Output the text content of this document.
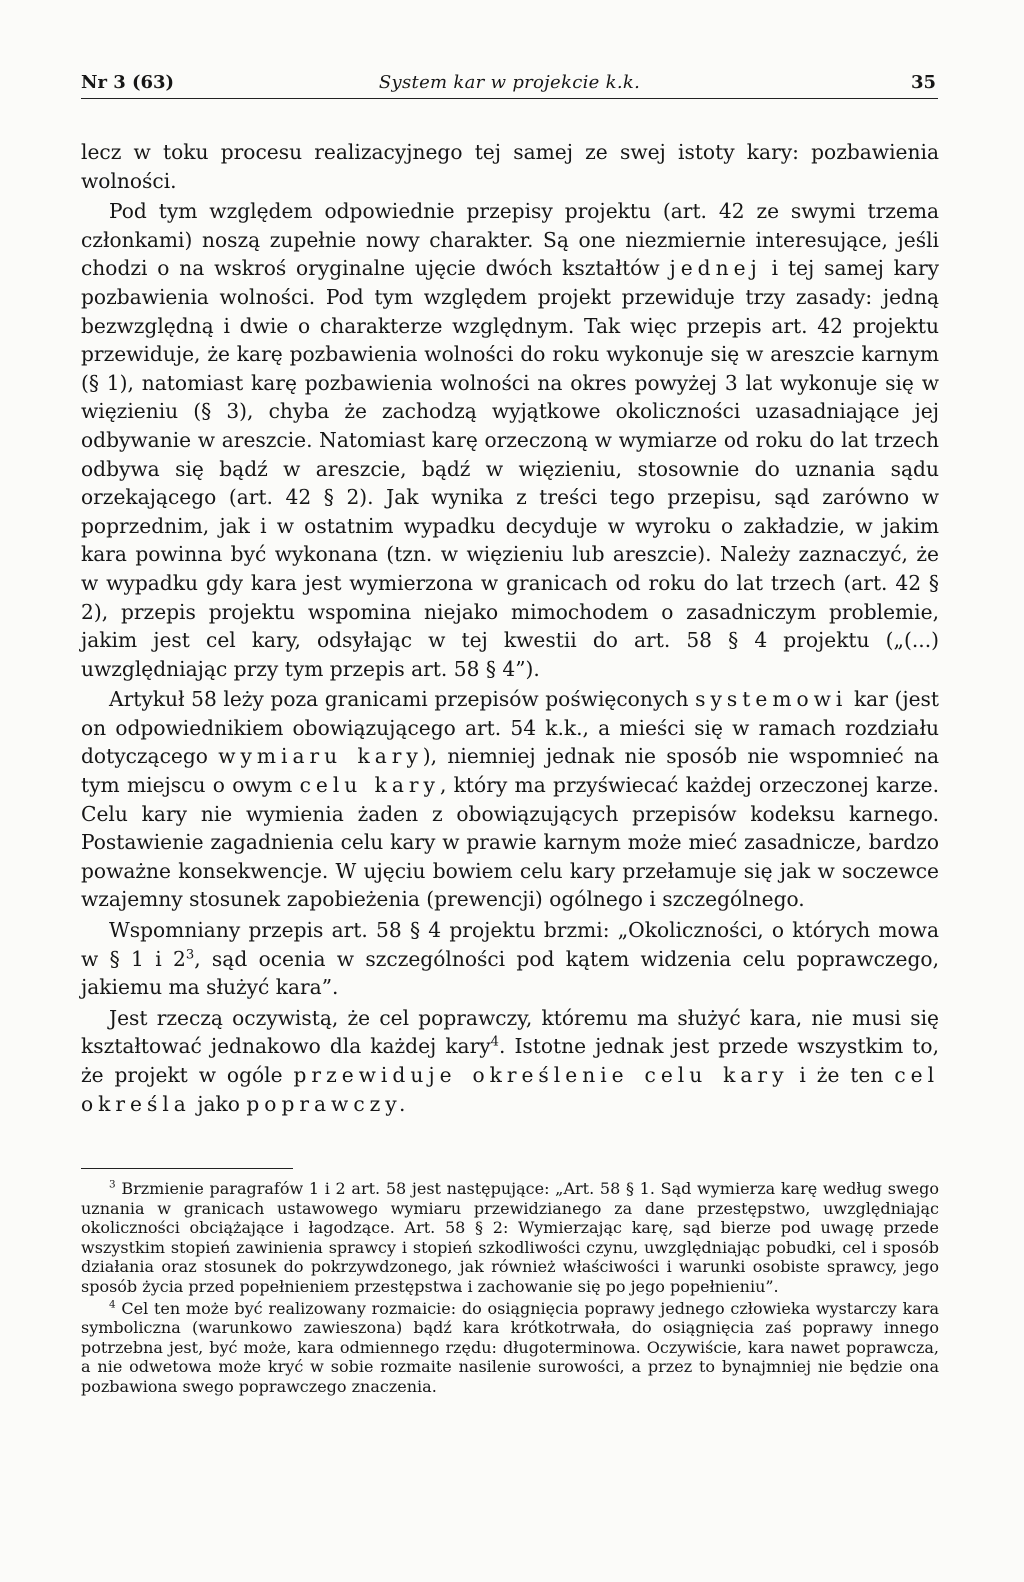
Nr 3 (63)	System kar w projekcie k.k.	35

lecz w toku procesu realizacyjnego tej samej ze swej istoty kary: pozbawienia wolności.

Pod tym względem odpowiednie przepisy projektu (art. 42 ze swymi trzema członkami) noszą zupełnie nowy charakter. Są one niezmiernie interesujące, jeśli chodzi o na wskroś oryginalne ujęcie dwóch kształtów jednej i tej samej kary pozbawienia wolności. Pod tym względem projekt przewiduje trzy zasady: jedną bezwzględną i dwie o charakterze względnym. Tak więc przepis art. 42 projektu przewiduje, że karę pozbawienia wolności do roku wykonuje się w areszcie karnym (§ 1), natomiast karę pozbawienia wolności na okres powyżej 3 lat wykonuje się w więzieniu (§ 3), chyba że zachodzą wyjątkowe okoliczności uzasadniające jej odbywanie w areszcie. Natomiast karę orzeczoną w wymiarze od roku do lat trzech odbywa się bądź w areszcie, bądź w więzieniu, stosownie do uznania sądu orzekającego (art. 42 § 2). Jak wynika z treści tego przepisu, sąd zarówno w poprzednim, jak i w ostatnim wypadku decyduje w wyroku o zakładzie, w jakim kara powinna być wykonana (tzn. w więzieniu lub areszcie). Należy zaznaczyć, że w wypadku gdy kara jest wymierzona w granicach od roku do lat trzech (art. 42 § 2), przepis projektu wspomina niejako mimochodem o zasadniczym problemie, jakim jest cel kary, odsyłając w tej kwestii do art. 58 § 4 projektu („(...) uwzględniając przy tym przepis art. 58 § 4”).

Artykuł 58 leży poza granicami przepisów poświęconych systemowi kar (jest on odpowiednikiem obowiązującego art. 54 k.k., a mieści się w ramach rozdziału dotyczącego wymiaru kary), niemniej jednak nie sposób nie wspomnieć na tym miejscu o owym celu kary, który ma przyświecać każdej orzeczonej karze. Celu kary nie wymienia żaden z obowiązujących przepisów kodeksu karnego. Postawienie zagadnienia celu kary w prawie karnym może mieć zasadnicze, bardzo poważne konsekwencje. W ujęciu bowiem celu kary przełamuje się jak w soczewce wzajemny stosunek zapobieżenia (prewencji) ogólnego i szczególnego.

Wspomniany przepis art. 58 § 4 projektu brzmi: „Okoliczności, o których mowa w § 1 i $2^3$, sąd ocenia w szczególności pod kątem widzenia celu poprawczego, jakiemu ma służyć kara”.

Jest rzeczą oczywistą, że cel poprawczy, któremu ma służyć kara, nie musi się kształtować jednakowo dla każdej kary$^4$. Istotne jednak jest przede wszystkim to, że projekt w ogóle przewiduje określenie celu kary i że ten cel określa jako poprawczy.

$^3$ Brzmienie paragrafów 1 i 2 art. 58 jest następujące: „Art. 58 § 1. Sąd wymierza karę według swego uznania w granicach ustawowego wymiaru przewidzianego za dane przestępstwo, uwzględniając okoliczności obciążające i łagodzące. Art. 58 § 2: Wymierzając karę, sąd bierze pod uwagę przede wszystkim stopień zawinienia sprawcy i stopień szkodliwości czynu, uwzględniając pobudki, cel i sposób działania oraz stosunek do pokrzywdzonego, jak również właściwości i warunki osobiste sprawcy, jego sposób życia przed popełnieniem przestępstwa i zachowanie się po jego popełnieniu”.

$^4$ Cel ten może być realizowany rozmaicie: do osiągnięcia poprawy jednego człowieka wystarczy kara symboliczna (warunkowo zawieszona) bądź kara krótkotrwała, do osiągnięcia zaś poprawy innego potrzebna jest, być może, kara odmiennego rzędu: długoterminowa. Oczywiście, kara nawet poprawcza, a nie odwetowa może kryć w sobie rozmaite nasilenie surowości, a przez to bynajmniej nie będzie ona pozbawiona swego poprawczego znaczenia.
